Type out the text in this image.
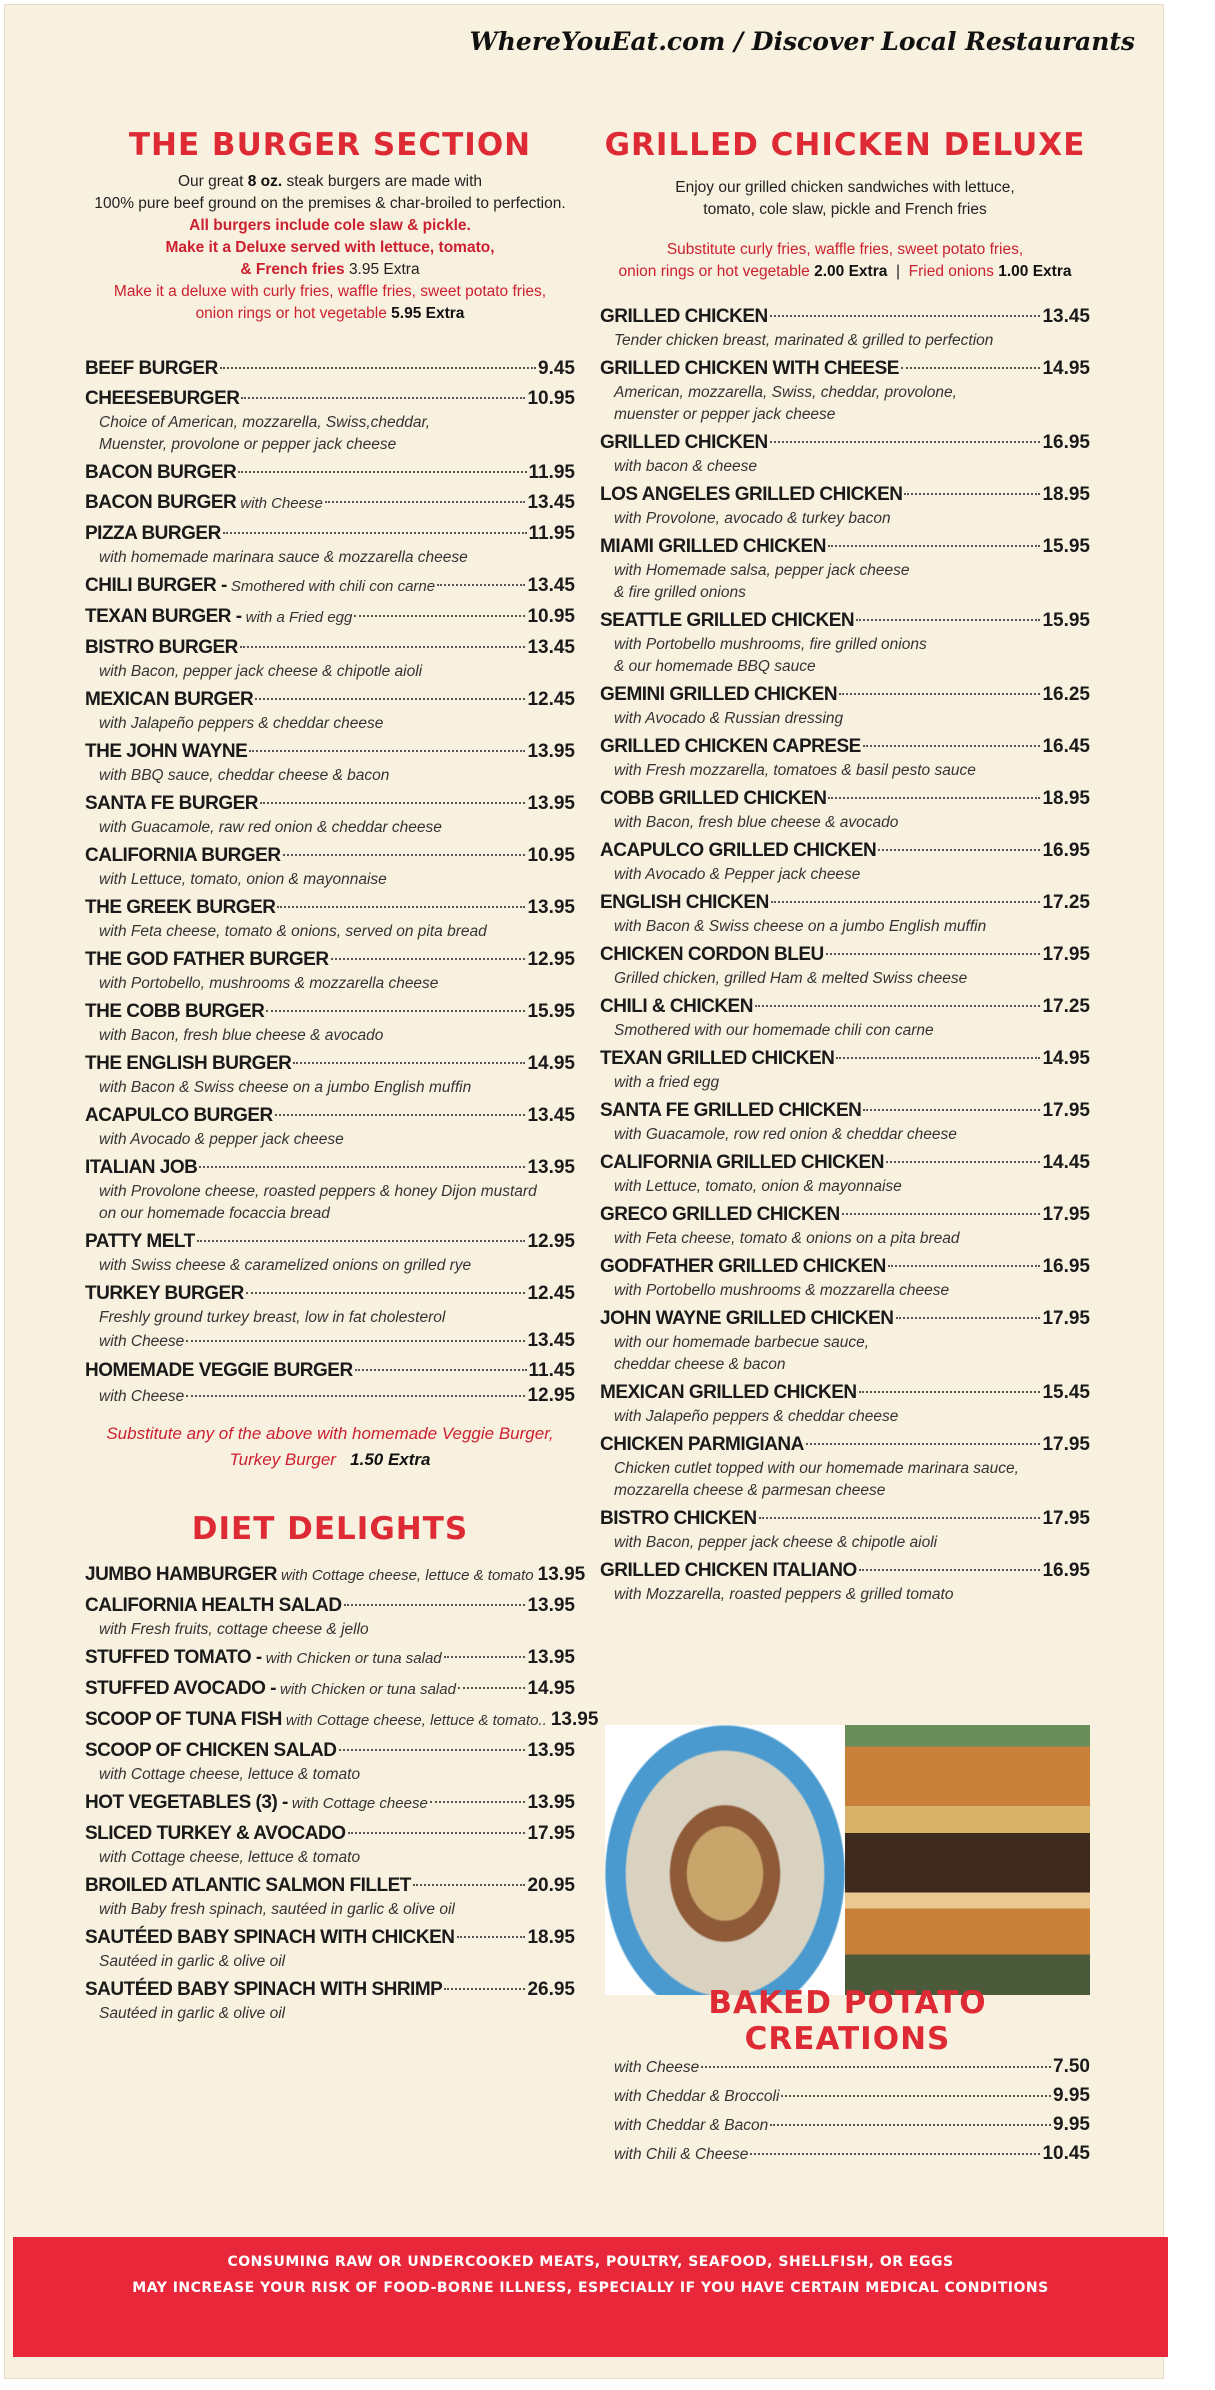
WhereYouEat.com / Discover Local Restaurants
THE BURGER SECTION
Our great 8 oz. steak burgers are made with
100% pure beef ground on the premises & char-broiled to perfection.
All burgers include cole slaw & pickle.
Make it a Deluxe served with lettuce, tomato,
& French fries 3.95 Extra
Make it a deluxe with curly fries, waffle fries, sweet potato fries,
onion rings or hot vegetable 5.95 Extra
BEEF BURGER	9.45
CHEESEBURGER	10.95
Choice of American, mozzarella, Swiss,cheddar,
Muenster, provolone or pepper jack cheese
BACON BURGER	11.95
BACON BURGER with Cheese	13.45
PIZZA BURGER	11.95
with homemade marinara sauce & mozzarella cheese
CHILI BURGER - Smothered with chili con carne	13.45
TEXAN BURGER - with a Fried egg	10.95
BISTRO BURGER	13.45
with Bacon, pepper jack cheese & chipotle aioli
MEXICAN BURGER	12.45
with Jalapeño peppers & cheddar cheese
THE JOHN WAYNE	13.95
with BBQ sauce, cheddar cheese & bacon
SANTA FE BURGER	13.95
with Guacamole, raw red onion & cheddar cheese
CALIFORNIA BURGER	10.95
with Lettuce, tomato, onion & mayonnaise
THE GREEK BURGER	13.95
with Feta cheese, tomato & onions, served on pita bread
THE GOD FATHER BURGER	12.95
with Portobello, mushrooms & mozzarella cheese
THE COBB BURGER	15.95
with Bacon, fresh blue cheese & avocado
THE ENGLISH BURGER	14.95
with Bacon & Swiss cheese on a jumbo English muffin
ACAPULCO BURGER	13.45
with Avocado & pepper jack cheese
ITALIAN JOB	13.95
with Provolone cheese, roasted peppers & honey Dijon mustard
on our homemade focaccia bread
PATTY MELT	12.95
with Swiss cheese & caramelized onions on grilled rye
TURKEY BURGER	12.45
Freshly ground turkey breast, low in fat cholesterol
with Cheese	13.45
HOMEMADE VEGGIE BURGER	11.45
with Cheese	12.95
Substitute any of the above with homemade Veggie Burger,
Turkey Burger 1.50 Extra
DIET DELIGHTS
JUMBO HAMBURGER with Cottage cheese, lettuce & tomato 13.95
CALIFORNIA HEALTH SALAD	13.95
with Fresh fruits, cottage cheese & jello
STUFFED TOMATO - with Chicken or tuna salad	13.95
STUFFED AVOCADO - with Chicken or tuna salad	14.95
SCOOP OF TUNA FISH with Cottage cheese, lettuce & tomato.. 13.95
SCOOP OF CHICKEN SALAD	13.95
with Cottage cheese, lettuce & tomato
HOT VEGETABLES (3) - with Cottage cheese	13.95
SLICED TURKEY & AVOCADO	17.95
with Cottage cheese, lettuce & tomato
BROILED ATLANTIC SALMON FILLET	20.95
with Baby fresh spinach, sautéed in garlic & olive oil
SAUTÉED BABY SPINACH WITH CHICKEN	18.95
Sautéed in garlic & olive oil
SAUTÉED BABY SPINACH WITH SHRIMP	26.95
Sautéed in garlic & olive oil
GRILLED CHICKEN DELUXE
Enjoy our grilled chicken sandwiches with lettuce,
tomato, cole slaw, pickle and French fries
Substitute curly fries, waffle fries, sweet potato fries,
onion rings or hot vegetable 2.00 Extra  |  Fried onions 1.00 Extra
GRILLED CHICKEN	13.45
Tender chicken breast, marinated & grilled to perfection
GRILLED CHICKEN WITH CHEESE	14.95
American, mozzarella, Swiss, cheddar, provolone,
muenster or pepper jack cheese
GRILLED CHICKEN	16.95
with bacon & cheese
LOS ANGELES GRILLED CHICKEN	18.95
with Provolone, avocado & turkey bacon
MIAMI GRILLED CHICKEN	15.95
with Homemade salsa, pepper jack cheese
& fire grilled onions
SEATTLE GRILLED CHICKEN	15.95
with Portobello mushrooms, fire grilled onions
& our homemade BBQ sauce
GEMINI GRILLED CHICKEN	16.25
with Avocado & Russian dressing
GRILLED CHICKEN CAPRESE	16.45
with Fresh mozzarella, tomatoes & basil pesto sauce
COBB GRILLED CHICKEN	18.95
with Bacon, fresh blue cheese & avocado
ACAPULCO GRILLED CHICKEN	16.95
with Avocado & Pepper jack cheese
ENGLISH CHICKEN	17.25
with Bacon & Swiss cheese on a jumbo English muffin
CHICKEN CORDON BLEU	17.95
Grilled chicken, grilled Ham & melted Swiss cheese
CHILI & CHICKEN	17.25
Smothered with our homemade chili con carne
TEXAN GRILLED CHICKEN	14.95
with a fried egg
SANTA FE GRILLED CHICKEN	17.95
with Guacamole, row red onion & cheddar cheese
CALIFORNIA GRILLED CHICKEN	14.45
with Lettuce, tomato, onion & mayonnaise
GRECO GRILLED CHICKEN	17.95
with Feta cheese, tomato & onions on a pita bread
GODFATHER GRILLED CHICKEN	16.95
with Portobello mushrooms & mozzarella cheese
JOHN WAYNE GRILLED CHICKEN	17.95
with our homemade barbecue sauce,
cheddar cheese & bacon
MEXICAN GRILLED CHICKEN	15.45
with Jalapeño peppers & cheddar cheese
CHICKEN PARMIGIANA	17.95
Chicken cutlet topped with our homemade marinara sauce,
mozzarella cheese & parmesan cheese
BISTRO CHICKEN	17.95
with Bacon, pepper jack cheese & chipotle aioli
GRILLED CHICKEN ITALIANO	16.95
with Mozzarella, roasted peppers & grilled tomato
BAKED POTATO CREATIONS
with Cheese	7.50
with Cheddar & Broccoli	9.95
with Cheddar & Bacon	9.95
with Chili & Cheese	10.45
CONSUMING RAW OR UNDERCOOKED MEATS, POULTRY, SEAFOOD, SHELLFISH, OR EGGS
MAY INCREASE YOUR RISK OF FOOD-BORNE ILLNESS, ESPECIALLY IF YOU HAVE CERTAIN MEDICAL CONDITIONS
